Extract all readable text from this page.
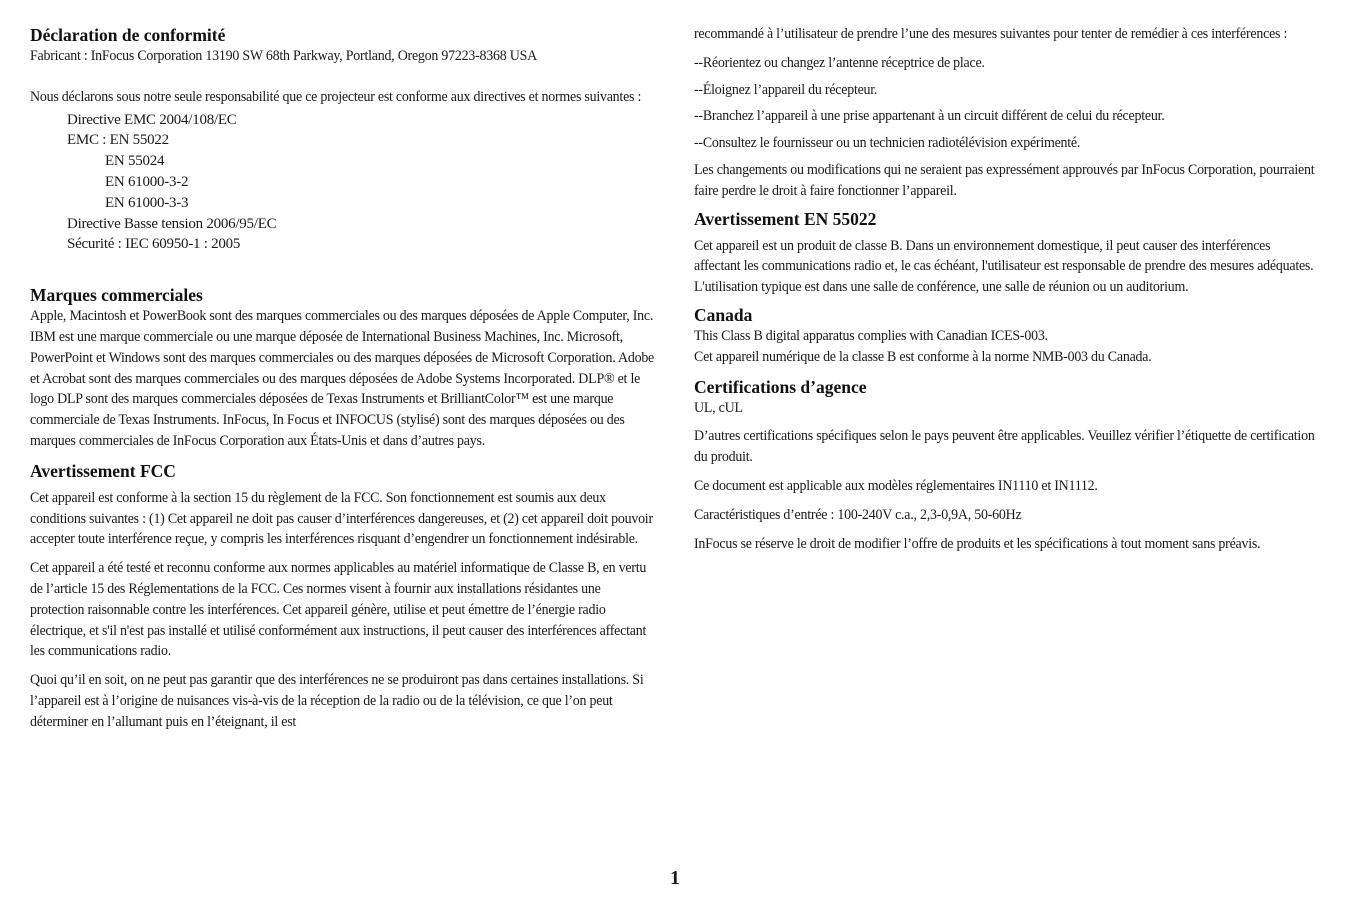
Déclaration de conformité

Fabricant : InFocus Corporation 13190 SW 68th Parkway, Portland, Oregon 97223-8368 USA

Nous déclarons sous notre seule responsabilité que ce projecteur est conforme aux directives et normes suivantes :

Directive EMC 2004/108/EC

EMC : EN 55022

EN 55024

EN 61000-3-2

EN 61000-3-3

Directive Basse tension 2006/95/EC

Sécurité : IEC 60950-1 : 2005

Marques commerciales

Apple, Macintosh et PowerBook sont des marques commerciales ou des marques déposées de Apple Computer, Inc. IBM est une marque commerciale ou une marque déposée de International Business Machines, Inc. Microsoft, PowerPoint et Windows sont des marques commerciales ou des marques déposées de Microsoft Corporation. Adobe et Acrobat sont des marques commerciales ou des marques déposées de Adobe Systems Incorporated. DLP® et le logo DLP sont des marques commerciales déposées de Texas Instruments et BrilliantColor™ est une marque commerciale de Texas Instruments. InFocus, In Focus et INFOCUS (stylisé) sont des marques déposées ou des marques commerciales de InFocus Corporation aux États-Unis et dans d’autres pays.

Avertissement FCC

Cet appareil est conforme à la section 15 du règlement de la FCC. Son fonctionnement est soumis aux deux conditions suivantes : (1) Cet appareil ne doit pas causer d’interférences dangereuses, et (2) cet appareil doit pouvoir accepter toute interférence reçue, y compris les interférences risquant d’engendrer un fonctionnement indésirable.

Cet appareil a été testé et reconnu conforme aux normes applicables au matériel informatique de Classe B, en vertu de l’article 15 des Réglementations de la FCC. Ces normes visent à fournir aux installations résidantes une protection raisonnable contre les interférences. Cet appareil génère, utilise et peut émettre de l’énergie radio électrique, et s'il n'est pas installé et utilisé conformément aux instructions, il peut causer des interférences affectant les communications radio.

Quoi qu’il en soit, on ne peut pas garantir que des interférences ne se produiront pas dans certaines installations. Si l’appareil est à l’origine de nuisances vis-à-vis de la réception de la radio ou de la télévision, ce que l’on peut déterminer en l’allumant puis en l’éteignant, il est

recommandé à l’utilisateur de prendre l’une des mesures suivantes pour tenter de remédier à ces interférences :

--Réorientez ou changez l’antenne réceptrice de place.

--Éloignez l’appareil du récepteur.

--Branchez l’appareil à une prise appartenant à un circuit différent de celui du récepteur.

--Consultez le fournisseur ou un technicien radiotélévision expérimenté.

Les changements ou modifications qui ne seraient pas expressément approuvés par InFocus Corporation, pourraient faire perdre le droit à faire fonctionner l’appareil.

Avertissement EN 55022

Cet appareil est un produit de classe B. Dans un environnement domestique, il peut causer des interférences affectant les communications radio et, le cas échéant, l'utilisateur est responsable de prendre des mesures adéquates. L'utilisation typique est dans une salle de conférence, une salle de réunion ou un auditorium.

Canada

This Class B digital apparatus complies with Canadian ICES-003.

Cet appareil numérique de la classe B est conforme à la norme NMB-003 du Canada.

Certifications d’agence

UL, cUL

D’autres certifications spécifiques selon le pays peuvent être applicables. Veuillez vérifier l’étiquette de certification du produit.

Ce document est applicable aux modèles réglementaires IN1110 et IN1112.

Caractéristiques d’entrée : 100-240V c.a., 2,3-0,9A, 50-60Hz

InFocus se réserve le droit de modifier l’offre de produits et les spécifications à tout moment sans préavis.

1
